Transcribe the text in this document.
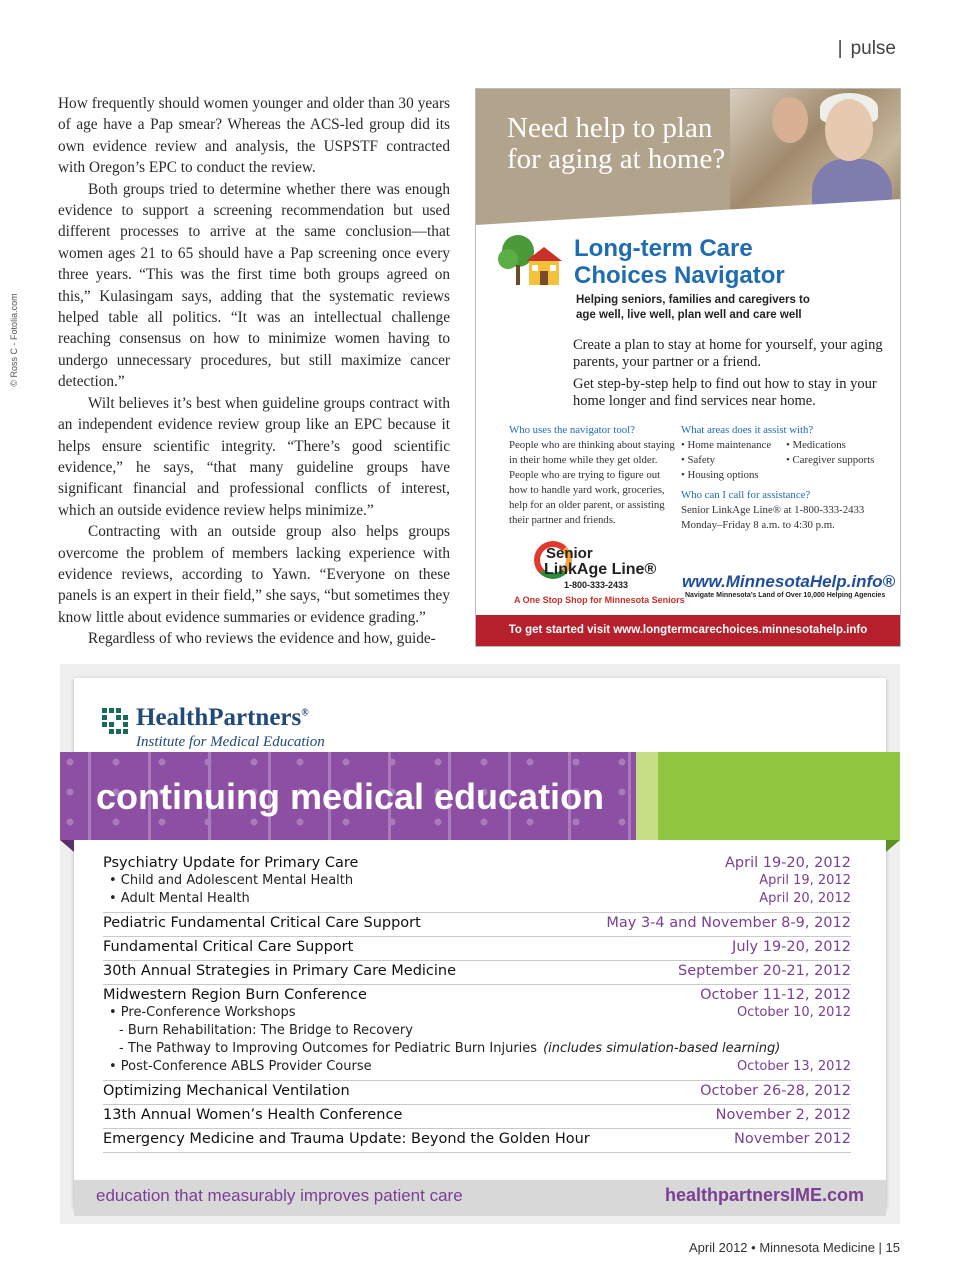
| pulse
© Ross C - Fotolia.com

How frequently should women younger and older than 30 years of age have a Pap smear? Whereas the ACS-led group did its own evidence review and analysis, the USPSTF contracted with Oregon’s EPC to conduct the review.

Both groups tried to determine whether there was enough evidence to support a screening recommendation but used different processes to arrive at the same conclusion—that women ages 21 to 65 should have a Pap screening once every three years. “This was the first time both groups agreed on this,” Kulasingam says, adding that the systematic reviews helped table all politics. “It was an intellectual challenge reaching consensus on how to minimize women having to undergo unnecessary procedures, but still maximize cancer detection.”

Wilt believes it’s best when guideline groups contract with an independent evidence review group like an EPC because it helps ensure scientific integrity. “There’s good scientific evidence,” he says, “that many guideline groups have significant financial and professional conflicts of interest, which an outside evidence review helps minimize.”

Contracting with an outside group also helps groups overcome the problem of members lacking experience with evidence reviews, according to Yawn. “Everyone on these panels is an expert in their field,” she says, “but sometimes they know little about evidence summaries or evidence grading.”

Regardless of who reviews the evidence and how, guide-

Need help to plan
for aging at home?
Long-term Care
Choices Navigator
Helping seniors, families and caregivers to
age well, live well, plan well and care well

Create a plan to stay at home for yourself, your aging parents, your partner or a friend.

Get step-by-step help to find out how to stay in your home longer and find services near home.

Who uses the navigator tool?
People who are thinking about staying in their home while they get older. People who are trying to figure out how to handle yard work, groceries, help for an older parent, or assisting their partner and friends.
What areas does it assist with?
• Home maintenance	• Medications
• Safety	• Caregiver supports
• Housing options
Who can I call for assistance?
Senior LinkAge Line® at 1-800-333-2433
Monday–Friday 8 a.m. to 4:30 p.m.
Senior
LinkAge Line®
1-800-333-2433
A One Stop Shop for Minnesota Seniors
www.MinnesotaHelp.info®
Navigate Minnesota’s Land of Over 10,000 Helping Agencies
To get started visit www.longtermcarechoices.minnesotahelp.info
HealthPartners®
Institute for Medical Education
continuing medical education
Psychiatry Update for Primary Care	April 19-20, 2012
• Child and Adolescent Mental Health	April 19, 2012
• Adult Mental Health	April 20, 2012
Pediatric Fundamental Critical Care Support	May 3-4 and November 8-9, 2012
Fundamental Critical Care Support	July 19-20, 2012
30th Annual Strategies in Primary Care Medicine	September 20-21, 2012
Midwestern Region Burn Conference	October 11-12, 2012
• Pre-Conference Workshops	October 10, 2012
- Burn Rehabilitation: The Bridge to Recovery
- The Pathway to Improving Outcomes for Pediatric Burn Injuries (includes simulation-based learning)
• Post-Conference ABLS Provider Course	October 13, 2012
Optimizing Mechanical Ventilation	October 26-28, 2012
13th Annual Women’s Health Conference	November 2, 2012
Emergency Medicine and Trauma Update: Beyond the Golden Hour	November 2012
education that measurably improves patient care	healthpartnersIME.com
April 2012 • Minnesota Medicine | 15
